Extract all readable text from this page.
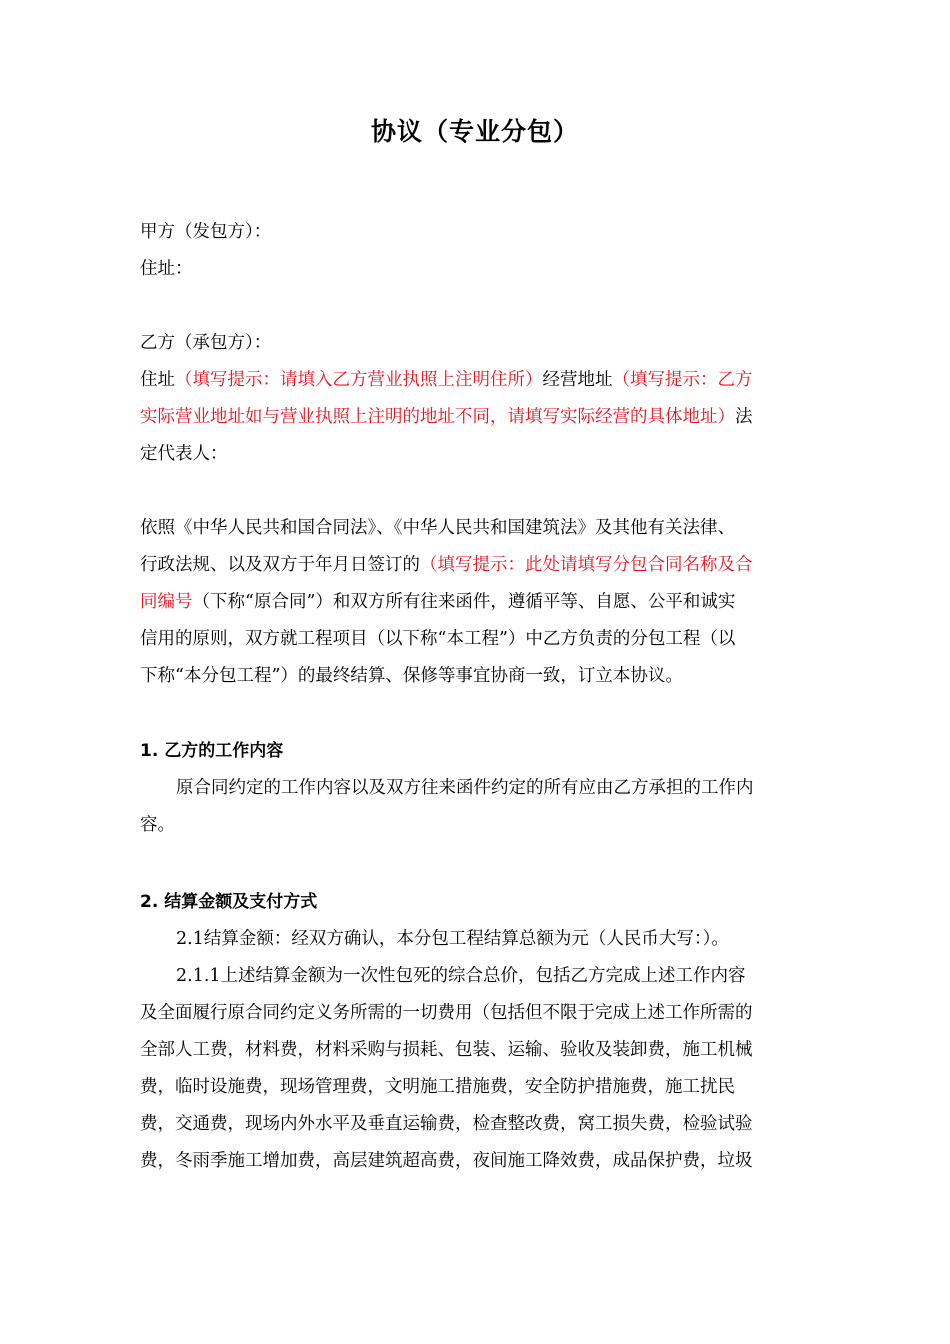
协议（专业分包）
甲方（发包方）：
住址：
乙方（承包方）：
住址（填写提示：请填入乙方营业执照上注明住所）经营地址（填写提示：乙方
实际营业地址如与营业执照上注明的地址不同，请填写实际经营的具体地址）法
定代表人：
依照《中华人民共和国合同法》、《中华人民共和国建筑法》及其他有关法律、
行政法规、以及双方于年月日签订的（填写提示：此处请填写分包合同名称及合
同编号（下称“原合同”）和双方所有往来函件，遵循平等、自愿、公平和诚实
信用的原则，双方就工程项目（以下称“本工程”）中乙方负责的分包工程（以
下称“本分包工程”）的最终结算、保修等事宜协商一致，订立本协议。
1. 乙方的工作内容
原合同约定的工作内容以及双方往来函件约定的所有应由乙方承担的工作内
容。
2. 结算金额及支付方式
2.1结算金额：经双方确认，本分包工程结算总额为元（人民币大写：）。
2.1.1上述结算金额为一次性包死的综合总价，包括乙方完成上述工作内容
及全面履行原合同约定义务所需的一切费用（包括但不限于完成上述工作所需的
全部人工费，材料费，材料采购与损耗、包装、运输、验收及装卸费，施工机械
费，临时设施费，现场管理费，文明施工措施费，安全防护措施费，施工扰民
费，交通费，现场内外水平及垂直运输费，检查整改费，窝工损失费，检验试验
费，冬雨季施工增加费，高层建筑超高费，夜间施工降效费，成品保护费，垃圾
